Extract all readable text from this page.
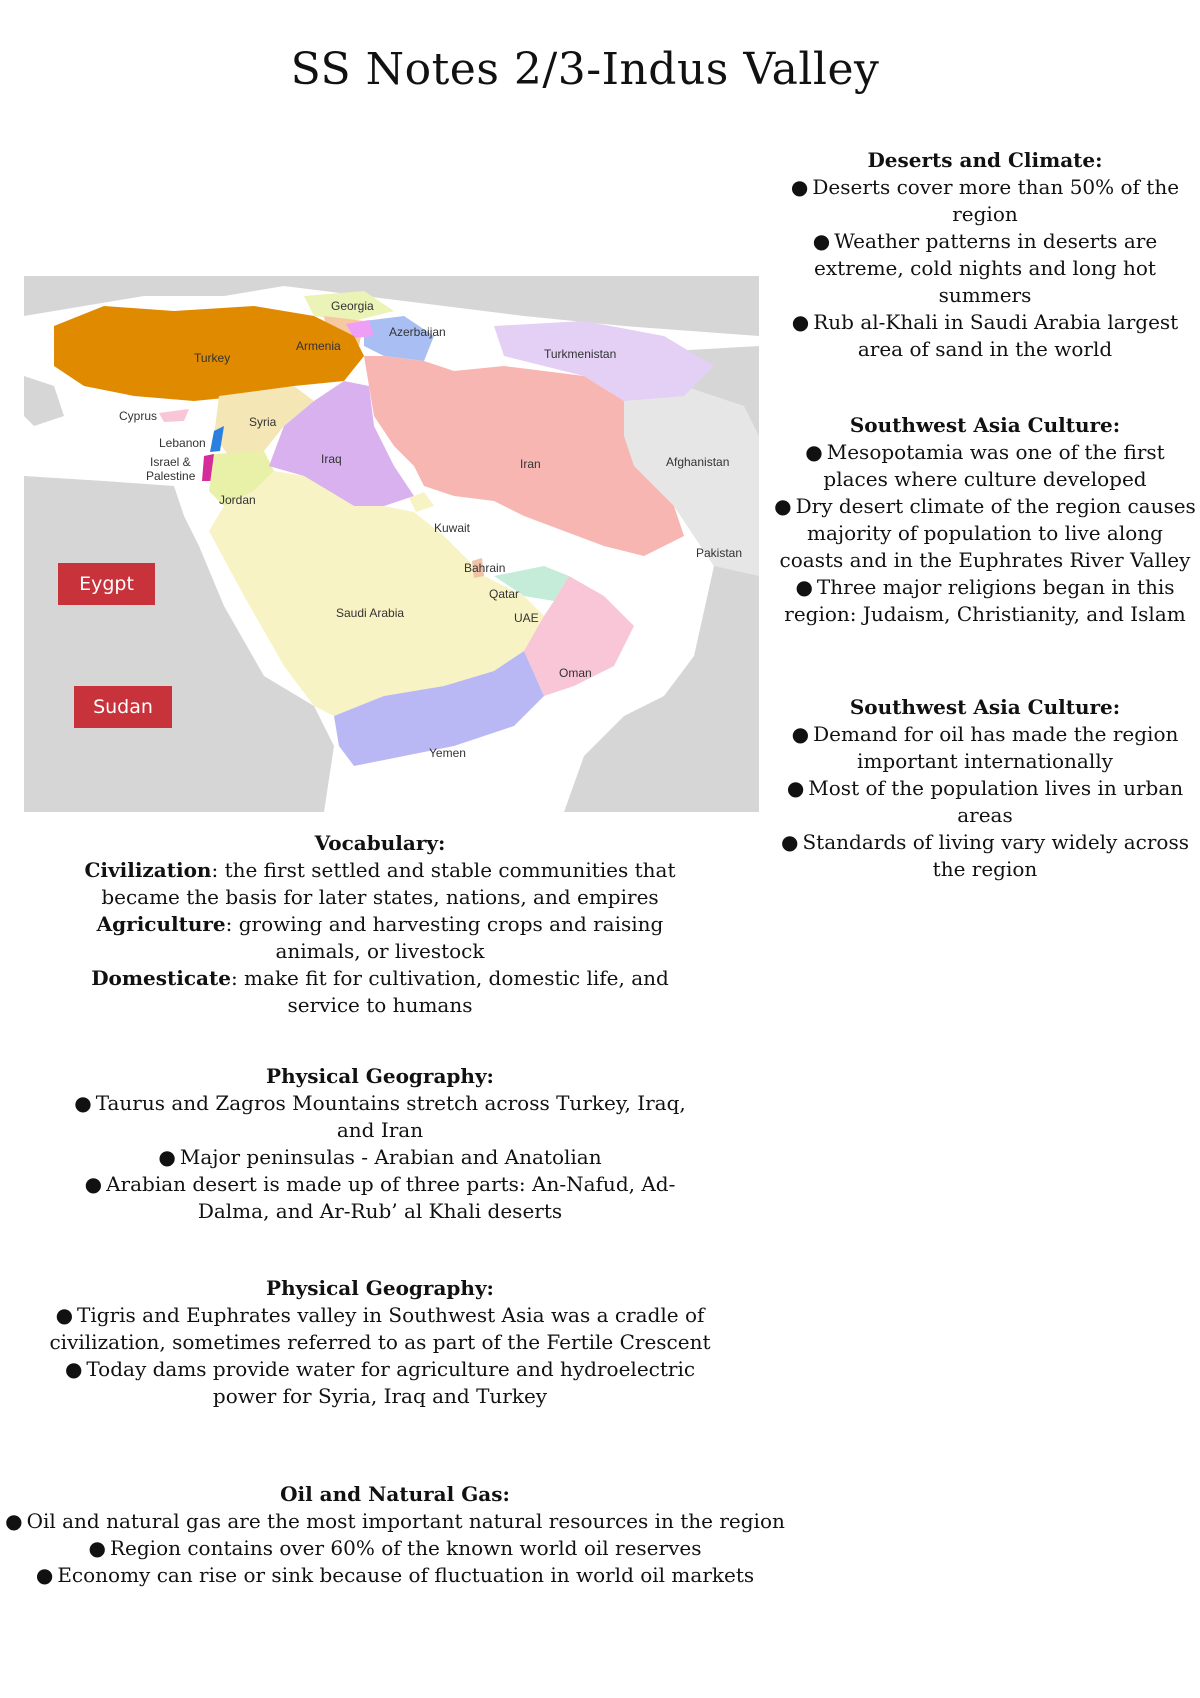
SS Notes 2/3-Indus Valley
Georgia
Azerbaijan
Armenia
Turkey	Turkmenistan
Cyprus	Syria
Lebanon
Israel &
Palestine
Jordan
Iraq	Iran	Afghanistan
Kuwait
Pakistan
Bahrain
Qatar
UAE
Saudi Arabia
Oman
Yemen
Eygpt
Sudan
Deserts and Climate:
● Deserts cover more than 50% of the
region
● Weather patterns in deserts are
extreme, cold nights and long hot
summers
● Rub al-Khali in Saudi Arabia largest
area of sand in the world
Southwest Asia Culture:
● Mesopotamia was one of the first
places where culture developed
● Dry desert climate of the region causes
majority of population to live along
coasts and in the Euphrates River Valley
● Three major religions began in this
region: Judaism, Christianity, and Islam
Southwest Asia Culture:
● Demand for oil has made the region
important internationally
● Most of the population lives in urban
areas
● Standards of living vary widely across
the region
Vocabulary:
Civilization: the first settled and stable communities that
became the basis for later states, nations, and empires
Agriculture: growing and harvesting crops and raising
animals, or livestock
Domesticate: make fit for cultivation, domestic life, and
service to humans
Physical Geography:
● Taurus and Zagros Mountains stretch across Turkey, Iraq,
and Iran
● Major peninsulas - Arabian and Anatolian
● Arabian desert is made up of three parts: An-Nafud, Ad-
Dalma, and Ar-Rub’ al Khali deserts
Physical Geography:
● Tigris and Euphrates valley in Southwest Asia was a cradle of
civilization, sometimes referred to as part of the Fertile Crescent
● Today dams provide water for agriculture and hydroelectric
power for Syria, Iraq and Turkey
Oil and Natural Gas:
● Oil and natural gas are the most important natural resources in the region
● Region contains over 60% of the known world oil reserves
● Economy can rise or sink because of fluctuation in world oil markets
